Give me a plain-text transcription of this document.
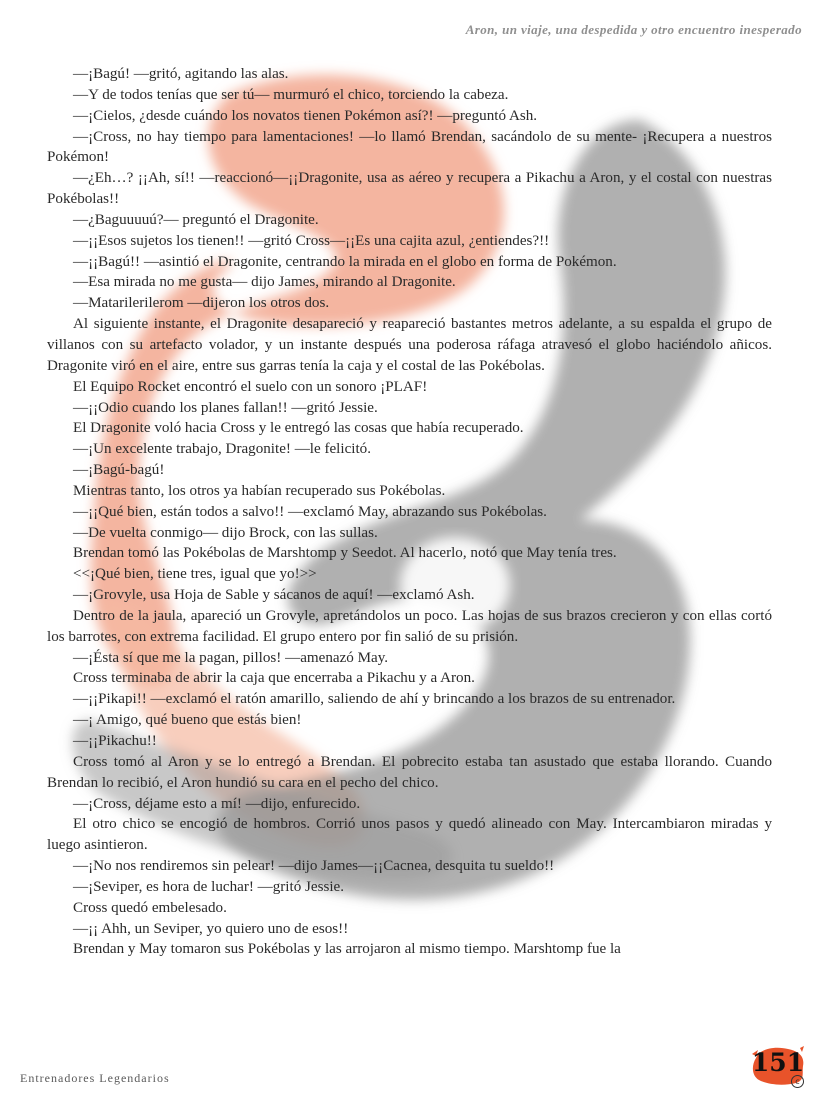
Aron, un viaje, una despedida y otro encuentro inesperado

—¡Bagú! —gritó, agitando las alas.

—Y de todos tenías que ser tú— murmuró el chico, torciendo la cabeza.

—¡Cielos, ¿desde cuándo los novatos tienen Pokémon así?! —preguntó Ash.

—¡Cross, no hay tiempo para lamentaciones! —lo llamó Brendan, sacándolo de su mente- ¡Recupera a nuestros Pokémon!

—¿Eh…? ¡¡Ah, sí!! —reaccionó—¡¡Dragonite, usa as aéreo y recupera a Pikachu a Aron, y el costal con nuestras Pokébolas!!

—¿Baguuuuú?— preguntó el Dragonite.

—¡¡Esos sujetos los tienen!! —gritó Cross—¡¡Es una cajita azul, ¿entiendes?!!

—¡¡Bagú!! —asintió el Dragonite, centrando la mirada en el globo en forma de Pokémon.

—Esa mirada no me gusta— dijo James, mirando al Dragonite.

—Matarilerilerom —dijeron los otros dos.

Al siguiente instante, el Dragonite desapareció y reapareció bastantes metros adelante, a su espalda el grupo de villanos con su artefacto volador, y un instante después una poderosa ráfaga atravesó el globo haciéndolo añicos. Dragonite viró en el aire, entre sus garras tenía la caja y el costal de las Pokébolas.

El Equipo Rocket encontró el suelo con un sonoro ¡PLAF!

—¡¡Odio cuando los planes fallan!! —gritó Jessie.

El Dragonite voló hacia Cross y le entregó las cosas que había recuperado.

—¡Un excelente trabajo, Dragonite! —le felicitó.

—¡Bagú-bagú!

Mientras tanto, los otros ya habían recuperado sus Pokébolas.

—¡¡Qué bien, están todos a salvo!! —exclamó May, abrazando sus Pokébolas.

—De vuelta conmigo— dijo Brock, con las sullas.

Brendan tomó las Pokébolas de Marshtomp y Seedot. Al hacerlo, notó que May tenía tres.

<<¡Qué bien, tiene tres, igual que yo!>>

—¡Grovyle, usa Hoja de Sable y sácanos de aquí! —exclamó Ash.

Dentro de la jaula, apareció un Grovyle, apretándolos un poco. Las hojas de sus brazos crecieron y con ellas cortó los barrotes, con extrema facilidad. El grupo entero por fin salió de su prisión.

—¡Ésta sí que me la pagan, pillos! —amenazó May.

Cross terminaba de abrir la caja que encerraba a Pikachu y a Aron.

—¡¡Pikapi!! —exclamó el ratón amarillo, saliendo de ahí y brincando a los brazos de su entrenador.

—¡ Amigo, qué bueno que estás bien!

—¡¡Pikachu!!

Cross tomó al Aron y se lo entregó a Brendan. El pobrecito estaba tan asustado que estaba llorando. Cuando Brendan lo recibió, el Aron hundió su cara en el pecho del chico.

—¡Cross, déjame esto a mí! —dijo, enfurecido.

El otro chico se encogió de hombros. Corrió unos pasos y quedó alineado con May. Intercambiaron miradas y luego asintieron.

—¡No nos rendiremos sin pelear! —dijo James—¡¡Cacnea, desquita tu sueldo!!

—¡Seviper, es hora de luchar! —gritó Jessie.

Cross quedó embelesado.

—¡¡ Ahh, un Seviper, yo quiero uno de esos!!

Brendan y May tomaron sus Pokébolas y las arrojaron al mismo tiempo. Marshtomp fue la

Entrenadores Legendarios
151
c
